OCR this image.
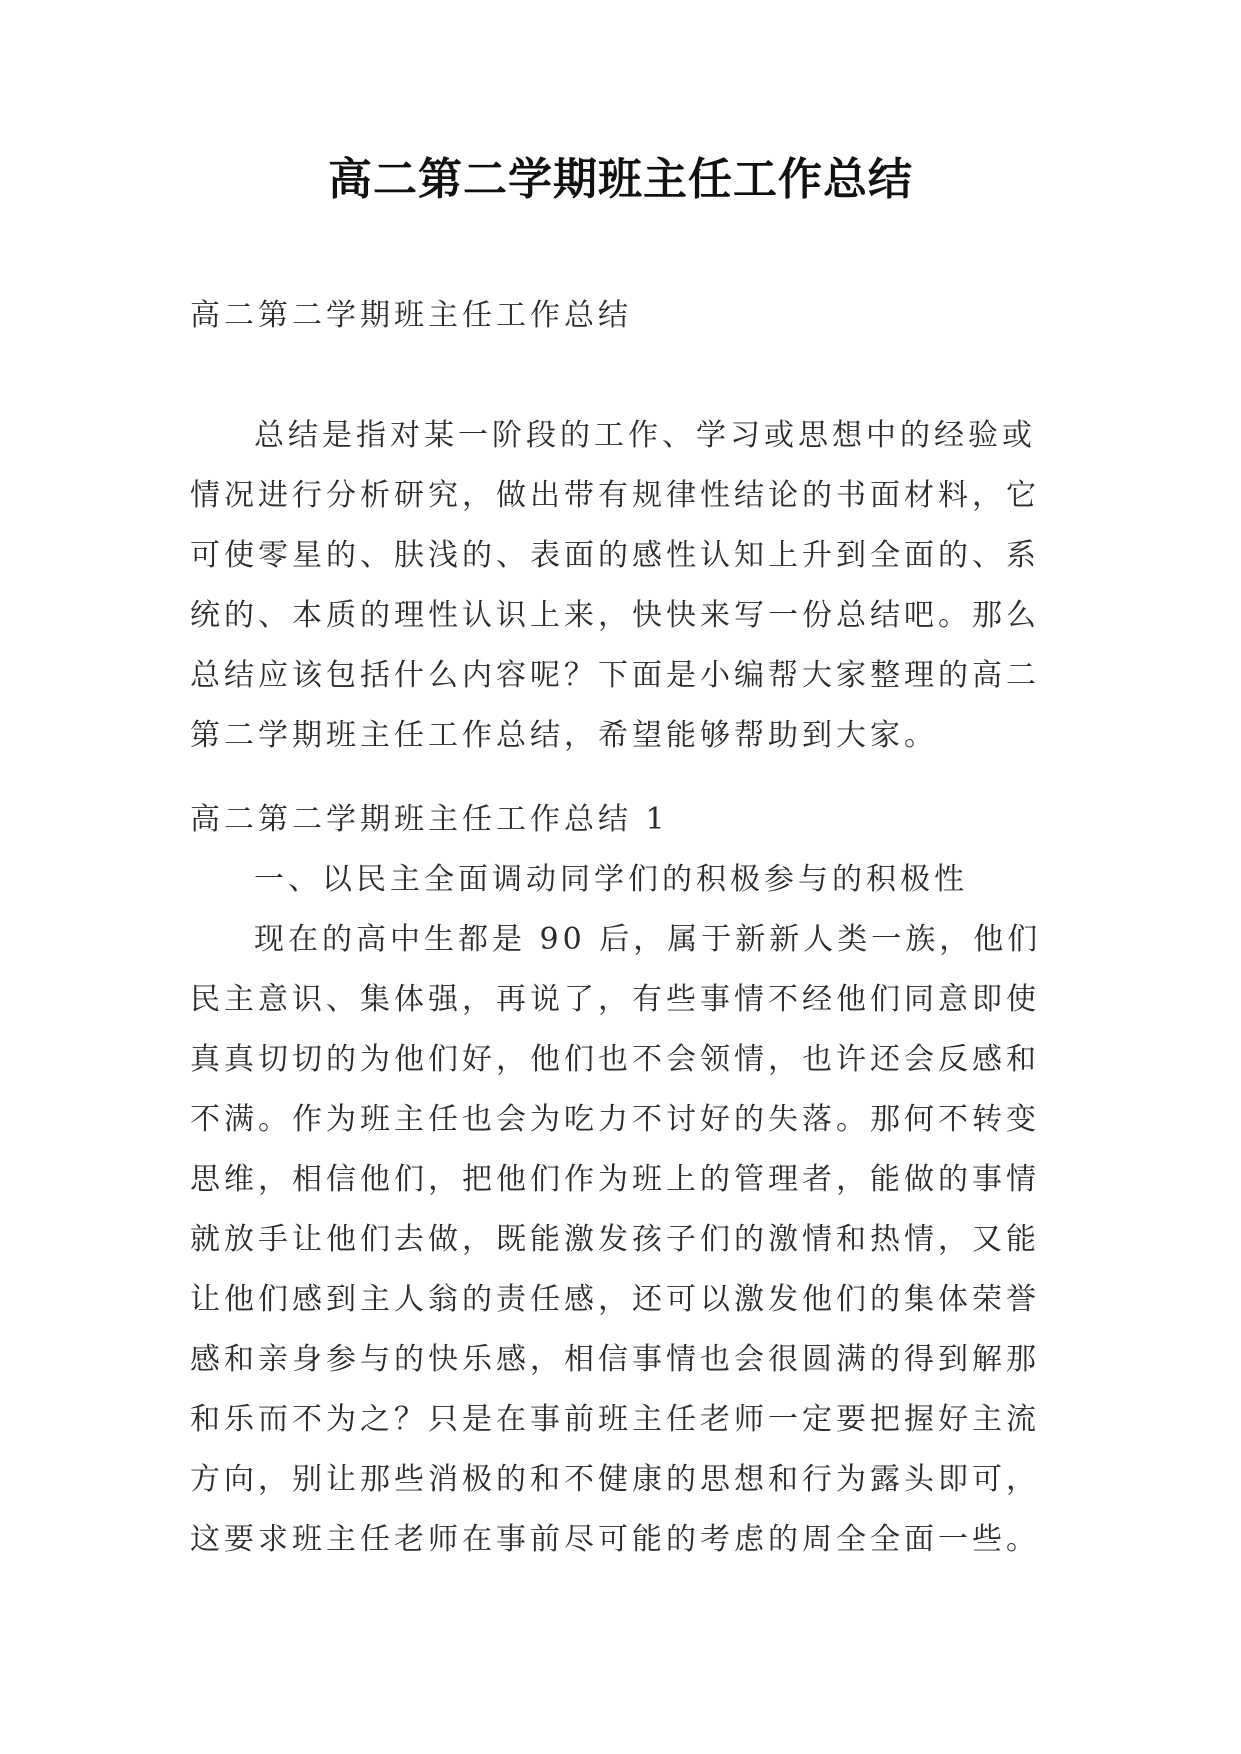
高二第二学期班主任工作总结

高二第二学期班主任工作总结

总结是指对某一阶段的工作、学习或思想中的经验或情况进行分析研究，做出带有规律性结论的书面材料，它可使零星的、肤浅的、表面的感性认知上升到全面的、系统的、本质的理性认识上来，快快来写一份总结吧。那么总结应该包括什么内容呢？下面是小编帮大家整理的高二第二学期班主任工作总结，希望能够帮助到大家。

高二第二学期班主任工作总结 1

一、以民主全面调动同学们的积极参与的积极性

现在的高中生都是 90 后，属于新新人类一族，他们民主意识、集体强，再说了，有些事情不经他们同意即使真真切切的为他们好，他们也不会领情，也许还会反感和不满。作为班主任也会为吃力不讨好的失落。那何不转变思维，相信他们，把他们作为班上的管理者，能做的事情就放手让他们去做，既能激发孩子们的激情和热情，又能让他们感到主人翁的责任感，还可以激发他们的集体荣誉感和亲身参与的快乐感，相信事情也会很圆满的得到解那和乐而不为之？只是在事前班主任老师一定要把握好主流方向，别让那些消极的和不健康的思想和行为露头即可，这要求班主任老师在事前尽可能的考虑的周全全面一些。
